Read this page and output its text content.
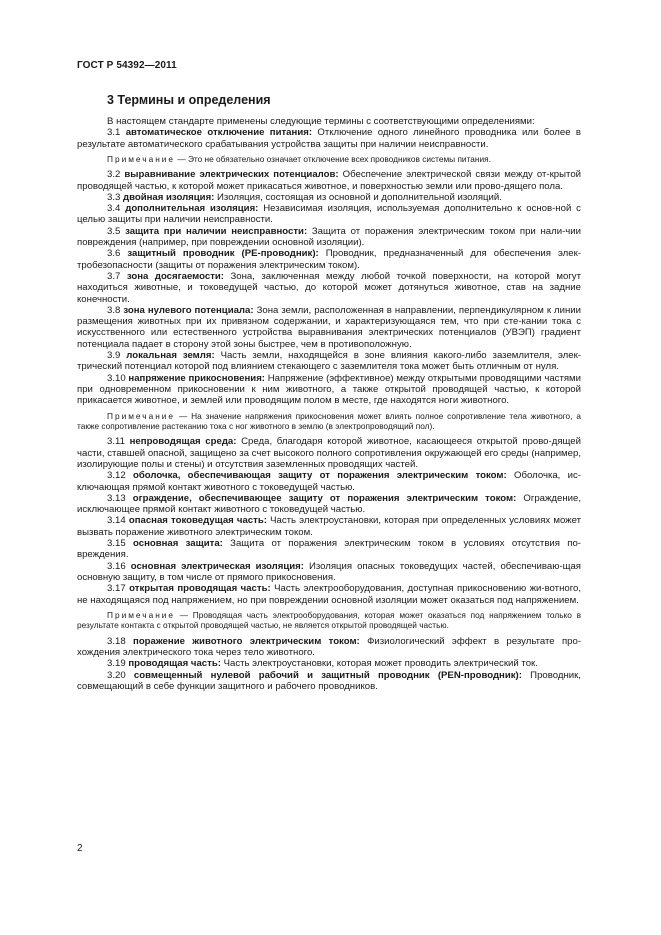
ГОСТ Р 54392—2011
3 Термины и определения

В настоящем стандарте применены следующие термины с соответствующими определениями:

3.1 автоматическое отключение питания: Отключение одного линейного проводника или более в результате автоматического срабатывания устройства защиты при наличии неисправности.

Примечание — Это не обязательно означает отключение всех проводников системы питания.

3.2 выравнивание электрических потенциалов: Обеспечение электрической связи между от-крытой проводящей частью, к которой может прикасаться животное, и поверхностью земли или прово-дящего пола.

3.3 двойная изоляция: Изоляция, состоящая из основной и дополнительной изоляций.

3.4 дополнительная изоляция: Независимая изоляция, используемая дополнительно к основ-ной с целью защиты при наличии неисправности.

3.5 защита при наличии неисправности: Защита от поражения электрическим током при нали-чии повреждения (например, при повреждении основной изоляции).

3.6 защитный проводник (РЕ-проводник): Проводник, предназначенный для обеспечения элек-тробезопасности (защиты от поражения электрическим током).

3.7 зона досягаемости: Зона, заключенная между любой точкой поверхности, на которой могут находиться животные, и токоведущей частью, до которой может дотянуться животное, став на задние конечности.

3.8 зона нулевого потенциала: Зона земли, расположенная в направлении, перпендикулярном к линии размещения животных при их привязном содержании, и характеризующаяся тем, что при сте-кании тока с искусственного или естественного устройства выравнивания электрических потенциалов (УВЭП) градиент потенциала падает в сторону этой зоны быстрее, чем в противоположную.

3.9 локальная земля: Часть земли, находящейся в зоне влияния какого-либо заземлителя, элек-трический потенциал которой под влиянием стекающего с заземлителя тока может быть отличным от нуля.

3.10 напряжение прикосновения: Напряжение (эффективное) между открытыми проводящими частями при одновременном прикосновении к ним животного, а также открытой проводящей частью, к которой прикасается животное, и землей или проводящим полом в месте, где находятся ноги животного.

Примечание — На значение напряжения прикосновения может влиять полное сопротивление тела животного, а также сопротивление растеканию тока с ног животного в землю (в электропроводящий пол).

3.11 непроводящая среда: Среда, благодаря которой животное, касающееся открытой прово-дящей части, ставшей опасной, защищено за счет высокого полного сопротивления окружающей его среды (например, изолирующие полы и стены) и отсутствия заземленных проводящих частей.

3.12 оболочка, обеспечивающая защиту от поражения электрическим током: Оболочка, ис-ключающая прямой контакт животного с токоведущей частью.

3.13 ограждение, обеспечивающее защиту от поражения электрическим током: Ограждение, исключающее прямой контакт животного с токоведущей частью.

3.14 опасная токоведущая часть: Часть электроустановки, которая при определенных условиях может вызвать поражение животного электрическим током.

3.15 основная защита: Защита от поражения электрическим током в условиях отсутствия по-вреждения.

3.16 основная электрическая изоляция: Изоляция опасных токоведущих частей, обеспечиваю-щая основную защиту, в том числе от прямого прикосновения.

3.17 открытая проводящая часть: Часть электрооборудования, доступная прикосновению жи-вотного, не находящаяся под напряжением, но при повреждении основной изоляции может оказаться под напряжением.

Примечание — Проводящая часть электрооборудования, которая может оказаться под напряжением только в результате контакта с открытой проводящей частью, не является открытой проводящей частью.

3.18 поражение животного электрическим током: Физиологический эффект в результате про-хождения электрического тока через тело животного.

3.19 проводящая часть: Часть электроустановки, которая может проводить электрический ток.

3.20 совмещенный нулевой рабочий и защитный проводник (PEN-проводник): Проводник, совмещающий в себе функции защитного и рабочего проводников.

2
